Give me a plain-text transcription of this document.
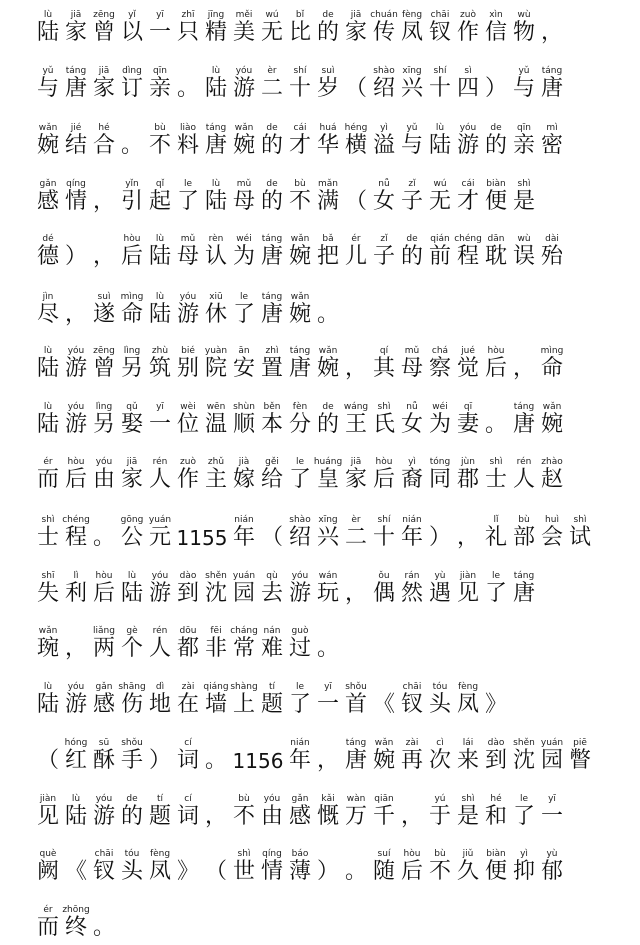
lù
陆
jiā
家
zēng
曾
yǐ
以
yī
一
zhī
只
jīng
精
měi
美
wú
无
bǐ
比
de
的
jiā
家
chuán
传
fèng
凤
chāi
钗
zuò
作
xìn
信
wù
物 ，
yǔ
与
táng
唐
jiā
家
dìng
订
qīn
亲 。
lù
陆
yóu
游
èr
二
shí
十
suì
岁 （
shào
绍
xīng
兴
shí
十
sì
四 ）
yǔ
与
táng
唐
wǎn
婉
jié
结
hé
合 。
bù
不
liào
料
táng
唐
wǎn
婉
de
的
cái
才
huá
华
héng
横
yì
溢
yǔ
与
lù
陆
yóu
游
de
的
qīn
亲
mì
密
gǎn
感
qíng
情 ，
yǐn
引
qǐ
起
le
了
lù
陆
mǔ
母
de
的
bù
不
mǎn
满 （
nǚ
女
zǐ
子
wú
无
cái
才
biàn
便
shì
是
dé
德 ） ，
hòu
后
lù
陆
mǔ
母
rèn
认
wéi
为
táng
唐
wǎn
婉
bǎ
把
ér
儿
zǐ
子
de
的
qián
前
chéng
程
dān
耽
wù
误
dài
殆
jìn
尽 ，
suì
遂
mìng
命
lù
陆
yóu
游
xiū
休
le
了
táng
唐
wǎn
婉 。
lù
陆
yóu
游
zēng
曾
lìng
另
zhù
筑
bié
别
yuàn
院
ān
安
zhì
置
táng
唐
wǎn
婉 ，
qí
其
mǔ
母
chá
察
jué
觉
hòu
后 ，
mìng
命
lù
陆
yóu
游
lìng
另
qǔ
娶
yī
一
wèi
位
wēn
温
shùn
顺
běn
本
fèn
分
de
的
wáng
王
shì
氏
nǚ
女
wéi
为
qī
妻 。
táng
唐
wǎn
婉
ér
而
hòu
后
yóu
由
jiā
家
rén
人
zuò
作
zhǔ
主
jià
嫁
gěi
给
le
了
huáng
皇
jiā
家
hòu
后
yì
裔
tóng
同
jùn
郡
shì
士
rén
人
zhào
赵
shì
士
chéng
程 。
gōng
公
yuán
元 1155
nián
年 （
shào
绍
xīng
兴
èr
二
shí
十
nián
年 ） ，
lǐ
礼
bù
部
huì
会
shì
试
shī
失
lì
利
hòu
后
lù
陆
yóu
游
dào
到
shěn
沈
yuán
园
qù
去
yóu
游
wán
玩 ，
ǒu
偶
rán
然
yù
遇
jiàn
见
le
了
táng
唐
wǎn
琬 ，
liǎng
两
gè
个
rén
人
dōu
都
fēi
非
cháng
常
nán
难
guò
过 。
lù
陆
yóu
游
gǎn
感
shāng
伤
dì
地
zài
在
qiáng
墙
shàng
上
tí
题
le
了
yī
一
shǒu
首 《
chāi
钗
tóu
头
fèng
凤 》
（
hóng
红
sū
酥
shǒu
手 ）
cí
词 。 1156
nián
年 ，
táng
唐
wǎn
婉
zài
再
cì
次
lái
来
dào
到
shěn
沈
yuán
园
piē
瞥
jiàn
见
lù
陆
yóu
游
de
的
tí
题
cí
词 ，
bù
不
yóu
由
gǎn
感
kǎi
慨
wàn
万
qiān
千 ，
yú
于
shì
是
hé
和
le
了
yī
一
què
阙 《
chāi
钗
tóu
头
fèng
凤 》 （
shì
世
qíng
情
báo
薄 ） 。
suí
随
hòu
后
bù
不
jiǔ
久
biàn
便
yì
抑
yù
郁
ér
而
zhōng
终 。
